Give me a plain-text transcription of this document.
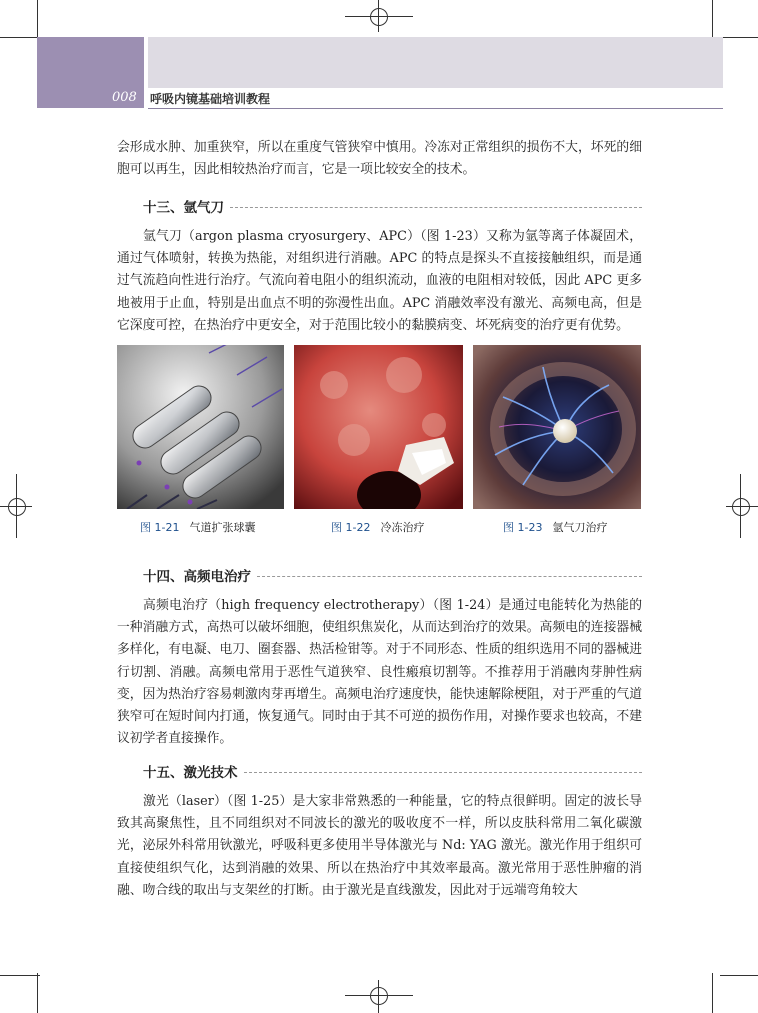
008 呼吸内镜基础培训教程

会形成水肿、加重狭窄，所以在重度气管狭窄中慎用。冷冻对正常组织的损伤不大，坏死的细胞可以再生，因此相较热治疗而言，它是一项比较安全的技术。

十三、氩气刀

氩气刀（argon plasma cryosurgery、APC）（图 1-23）又称为氩等离子体凝固术，通过气体喷射，转换为热能，对组织进行消融。APC 的特点是探头不直接接触组织，而是通过气流趋向性进行治疗。气流向着电阻小的组织流动，血液的电阻相对较低，因此 APC 更多地被用于止血，特别是出血点不明的弥漫性出血。APC 消融效率没有激光、高频电高，但是它深度可控，在热治疗中更安全，对于范围比较小的黏膜病变、坏死病变的治疗更有优势。

图 1-21 气道扩张球囊	图 1-22 冷冻治疗	图 1-23 氩气刀治疗
十四、高频电治疗

高频电治疗（high frequency electrotherapy）（图 1-24）是通过电能转化为热能的一种消融方式，高热可以破坏细胞，使组织焦炭化，从而达到治疗的效果。高频电的连接器械多样化，有电凝、电刀、圈套器、热活检钳等。对于不同形态、性质的组织选用不同的器械进行切割、消融。高频电常用于恶性气道狭窄、良性瘢痕切割等。不推荐用于消融肉芽肿性病变，因为热治疗容易刺激肉芽再增生。高频电治疗速度快，能快速解除梗阻，对于严重的气道狭窄可在短时间内打通，恢复通气。同时由于其不可逆的损伤作用，对操作要求也较高，不建议初学者直接操作。

十五、激光技术

激光（laser）（图 1-25）是大家非常熟悉的一种能量，它的特点很鲜明。固定的波长导致其高聚焦性，且不同组织对不同波长的激光的吸收度不一样，所以皮肤科常用二氧化碳激光，泌尿外科常用钬激光，呼吸科更多使用半导体激光与 Nd: YAG 激光。激光作用于组织可直接使组织气化，达到消融的效果、所以在热治疗中其效率最高。激光常用于恶性肿瘤的消融、吻合线的取出与支架丝的打断。由于激光是直线激发，因此对于远端弯角较大
